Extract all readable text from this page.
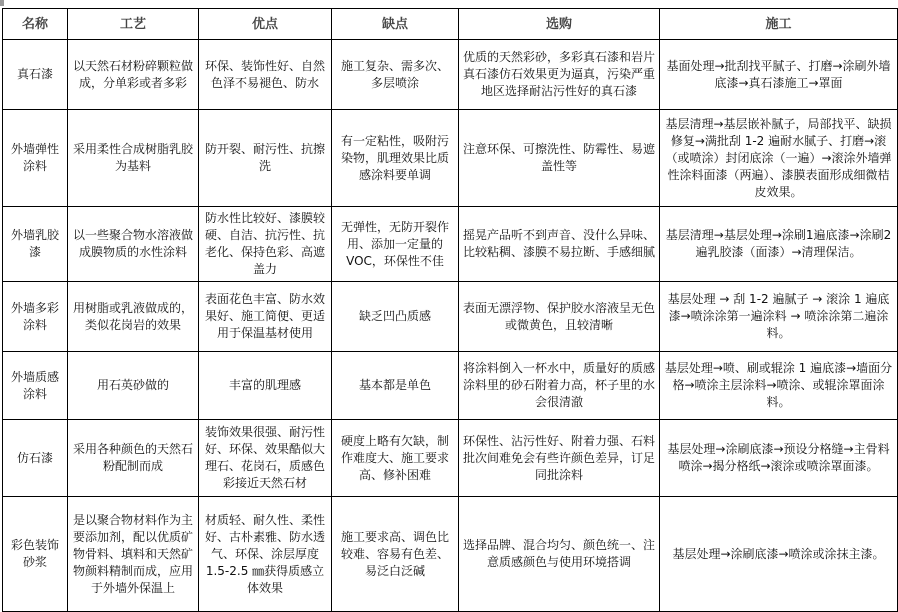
名称	工艺	优点	缺点	选购	施工
真石漆	以天然石材粉碎颗粒做成，分单彩或者多彩	环保、装饰性好、自然色泽不易褪色、防水	施工复杂、需多次、多层喷涂	优质的天然彩砂，多彩真石漆和岩片真石漆仿石效果更为逼真，污染严重地区选择耐沾污性好的真石漆	基面处理→批刮找平腻子、打磨→涂刷外墙底漆→真石漆施工→罩面
外墙弹性涂料	采用柔性合成树脂乳胶为基料	防开裂、耐污性、抗擦洗	有一定粘性，吸附污染物，肌理效果比质感涂料要单调	注意环保、可擦洗性、防霉性、易遮盖性等	基层清理→基层嵌补腻子，局部找平、缺损修复→满批刮 1-2 遍耐水腻子、打磨→滚（或喷涂）封闭底涂（一遍）→滚涂外墙弹性涂料面漆（两遍）、漆膜表面形成细微桔皮效果。
外墙乳胶漆	以一些聚合物水溶液做成膜物质的水性涂料	防水性比较好、漆膜较硬、自洁、抗污性、抗老化、保持色彩、高遮盖力	无弹性，无防开裂作用、添加一定量的VOC，环保性不佳	摇晃产品听不到声音、没什么异味、比较粘稠、漆膜不易拉断、手感细腻	基层清理→基层处理→涂刷1遍底漆→涂刷2遍乳胶漆（面漆）→清理保洁。
外墙多彩涂料	用树脂或乳液做成的，类似花岗岩的效果	表面花色丰富、防水效果好、施工简便、更适用于保温基材使用	缺乏凹凸质感	表面无漂浮物、保护胶水溶液呈无色或微黄色，且较清晰	基层处理 → 刮 1-2 遍腻子 → 滚涂 1 遍底漆→喷涂涂第一遍涂料 → 喷涂涂第二遍涂料。
外墙质感涂料	用石英砂做的	丰富的肌理感	基本都是单色	将涂料倒入一杯水中，质量好的质感涂料里的砂石附着力高，杯子里的水会很清澈	基层处理→喷、刷或辊涂 1 遍底漆→墙面分格→喷涂主层涂料→喷涂、或辊涂罩面涂料。
仿石漆	采用各种颜色的天然石粉配制而成	装饰效果很强、耐污性好、环保、效果酷似大理石、花岗石，质感色彩接近天然石材	硬度上略有欠缺，制作难度大、施工要求高、修补困难	环保性、沾污性好、附着力强、石料批次间难免会有些许颜色差异，订足同批涂料	基层处理→涂刷底漆→预设分格缝→主骨料喷涂→揭分格纸→滚涂或喷涂罩面漆。
彩色装饰砂浆	是以聚合物材料作为主要添加剂，配以优质矿物骨料、填料和天然矿物颜料精制而成，应用于外墙外保温上	材质轻、耐久性、柔性好、古朴素雅、防水透气、环保、涂层厚度1.5-2.5 ㎜获得质感立体效果	施工要求高、调色比较难、容易有色差、易泛白泛碱	选择品牌、混合均匀、颜色统一、注意质感颜色与使用环境搭调	基层处理→涂刷底漆→喷涂或涂抹主漆。
